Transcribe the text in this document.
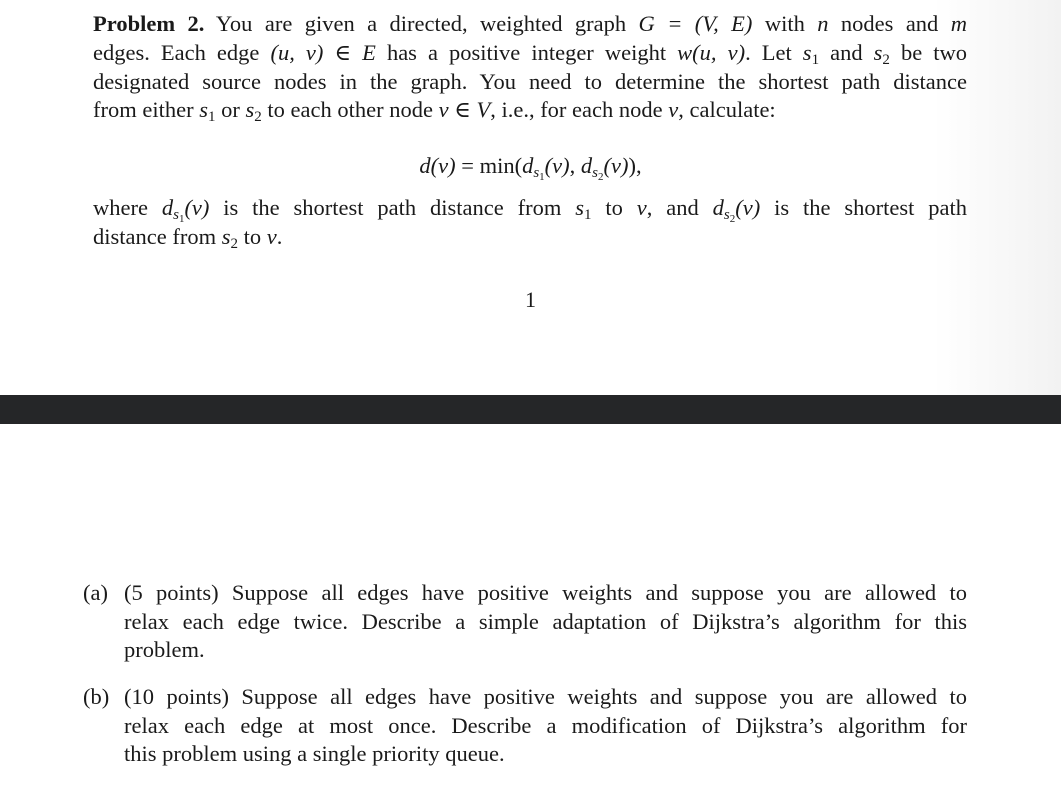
Problem 2. You are given a directed, weighted graph G = (V, E) with n nodes and m
edges. Each edge (u, v) ∈ E has a positive integer weight w(u, v). Let $s_1$ and $s_2$ be two
designated source nodes in the graph. You need to determine the shortest path distance
from either $s_1$ or $s_2$ to each other node v ∈ V, i.e., for each node v, calculate:
$d(v) = \min(d_{s_1}(v)$, $d_{s_2}(v)$),
where $d_{s_1}(v)$ is the shortest path distance from $s_1$ to v, and $d_{s_2}(v)$ is the shortest path
distance from $s_2$ to v.
1
(a) (5 points) Suppose all edges have positive weights and suppose you are allowed to
relax each edge twice. Describe a simple adaptation of Dijkstra’s algorithm for this
problem.
(b) (10 points) Suppose all edges have positive weights and suppose you are allowed to
relax each edge at most once. Describe a modification of Dijkstra’s algorithm for
this problem using a single priority queue.
